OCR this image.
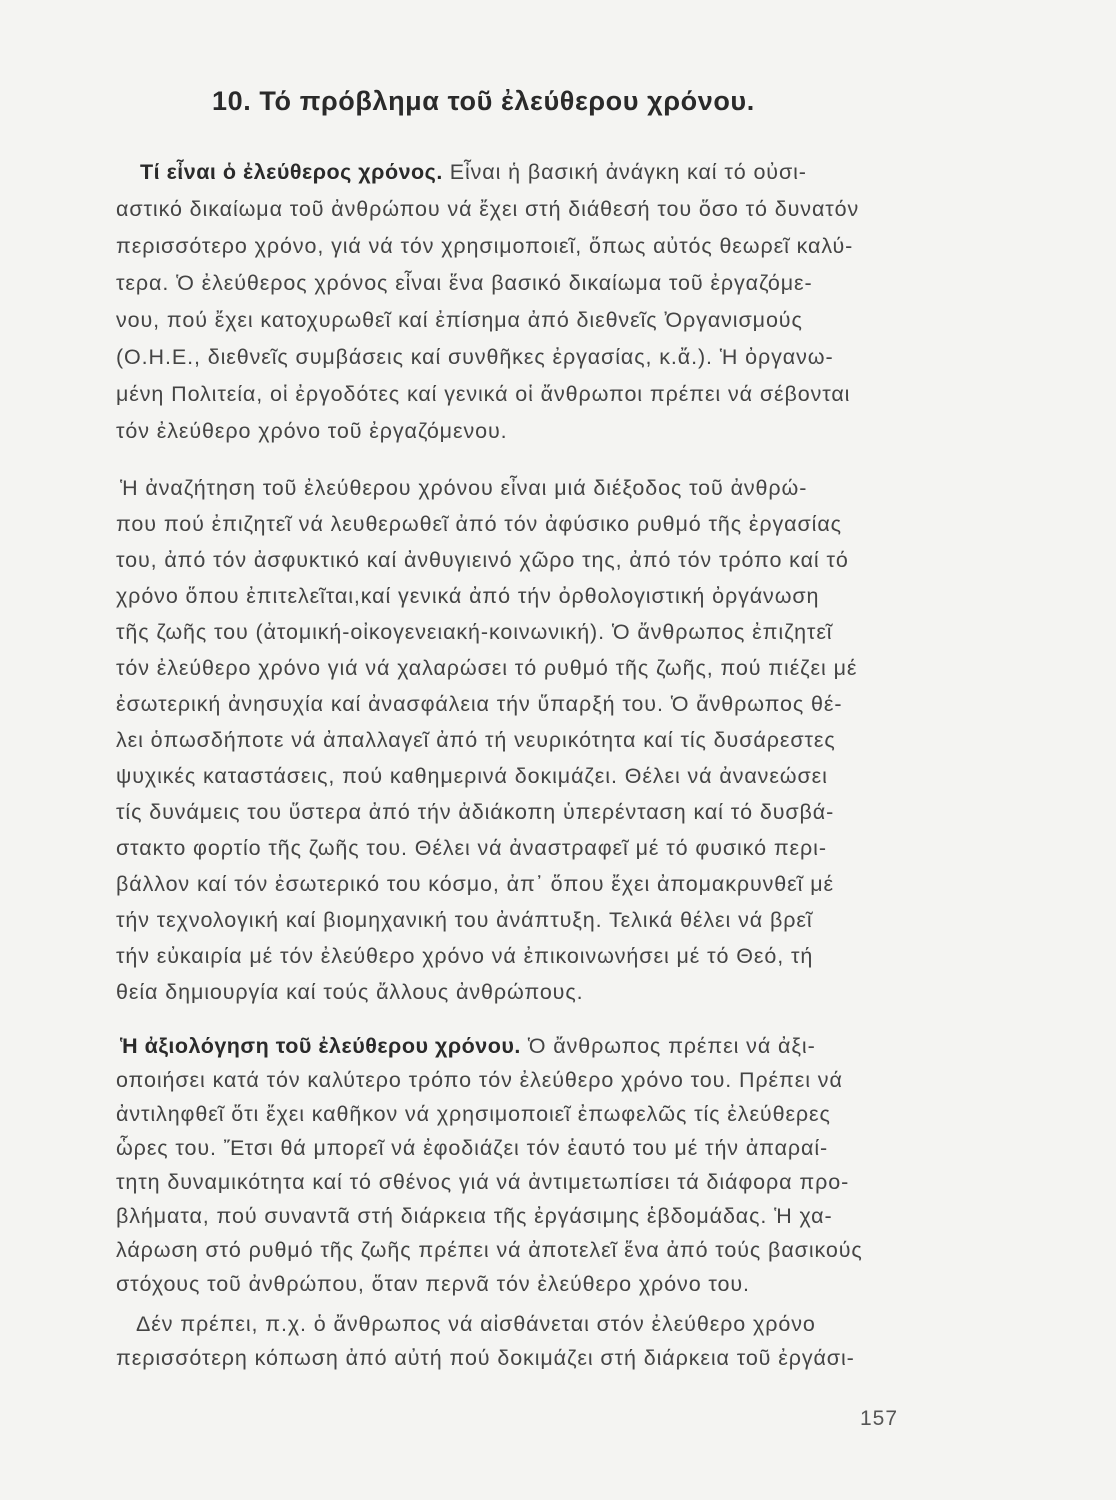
10. Τό πρόβλημα τοῦ ἐλεύθερου χρόνου.
Τί εἶναι ὁ ἐλεύθερος χρόνος. Εἶναι ἡ βασική ἀνάγκη καί τό οὐσι-
αστικό δικαίωμα τοῦ ἀνθρώπου νά ἔχει στή διάθεσή του ὅσο τό δυνατόν
περισσότερο χρόνο, γιά νά τόν χρησιμοποιεῖ, ὅπως αὐτός θεωρεῖ καλύ-
τερα. Ὁ ἐλεύθερος χρόνος εἶναι ἕνα βασικό δικαίωμα τοῦ ἐργαζόμε-
νου, πού ἔχει κατοχυρωθεῖ καί ἐπίσημα ἀπό διεθνεῖς Ὀργανισμούς
(Ο.Η.Ε., διεθνεῖς συμβάσεις καί συνθῆκες ἐργασίας, κ.ἄ.). Ἡ ὀργανω-
μένη Πολιτεία, οἱ ἐργοδότες καί γενικά οἱ ἄνθρωποι πρέπει νά σέβονται
τόν ἐλεύθερο χρόνο τοῦ ἐργαζόμενου.
Ἡ ἀναζήτηση τοῦ ἐλεύθερου χρόνου εἶναι μιά διέξοδος τοῦ ἀνθρώ-
που πού ἐπιζητεῖ νά λευθερωθεῖ ἀπό τόν ἀφύσικο ρυθμό τῆς ἐργασίας
του, ἀπό τόν ἀσφυκτικό καί ἀνθυγιεινό χῶρο της, ἀπό τόν τρόπο καί τό
χρόνο ὅπου ἐπιτελεῖται,καί γενικά ἀπό τήν ὀρθολογιστική ὀργάνωση
τῆς ζωῆς του (ἀτομική-οἰκογενειακή-κοινωνική). Ὁ ἄνθρωπος ἐπιζητεῖ
τόν ἐλεύθερο χρόνο γιά νά χαλαρώσει τό ρυθμό τῆς ζωῆς, πού πιέζει μέ
ἐσωτερική ἀνησυχία καί ἀνασφάλεια τήν ὕπαρξή του. Ὁ ἄνθρωπος θέ-
λει ὁπωσδήποτε νά ἀπαλλαγεῖ ἀπό τή νευρικότητα καί τίς δυσάρεστες
ψυχικές καταστάσεις, πού καθημερινά δοκιμάζει. Θέλει νά ἀνανεώσει
τίς δυνάμεις του ὕστερα ἀπό τήν ἀδιάκοπη ὑπερένταση καί τό δυσβά-
στακτο φορτίο τῆς ζωῆς του. Θέλει νά ἀναστραφεῖ μέ τό φυσικό περι-
βάλλον καί τόν ἐσωτερικό του κόσμο, ἀπ᾿ ὅπου ἔχει ἀπομακρυνθεῖ μέ
τήν τεχνολογική καί βιομηχανική του ἀνάπτυξη. Τελικά θέλει νά βρεῖ
τήν εὐκαιρία μέ τόν ἐλεύθερο χρόνο νά ἐπικοινωνήσει μέ τό Θεό, τή
θεία δημιουργία καί τούς ἄλλους ἀνθρώπους.
Ἡ ἀξιολόγηση τοῦ ἐλεύθερου χρόνου. Ὁ ἄνθρωπος πρέπει νά ἀξι-
οποιήσει κατά τόν καλύτερο τρόπο τόν ἐλεύθερο χρόνο του. Πρέπει νά
ἀντιληφθεῖ ὅτι ἔχει καθῆκον νά χρησιμοποιεῖ ἐπωφελῶς τίς ἐλεύθερες
ὧρες του. Ἔτσι θά μπορεῖ νά ἐφοδιάζει τόν ἑαυτό του μέ τήν ἀπαραί-
τητη δυναμικότητα καί τό σθένος γιά νά ἀντιμετωπίσει τά διάφορα προ-
βλήματα, πού συναντᾶ στή διάρκεια τῆς ἐργάσιμης ἑβδομάδας. Ἡ χα-
λάρωση στό ρυθμό τῆς ζωῆς πρέπει νά ἀποτελεῖ ἕνα ἀπό τούς βασικούς
στόχους τοῦ ἀνθρώπου, ὅταν περνᾶ τόν ἐλεύθερο χρόνο του.
Δέν πρέπει, π.χ. ὁ ἄνθρωπος νά αἰσθάνεται στόν ἐλεύθερο χρόνο
περισσότερη κόπωση ἀπό αὐτή πού δοκιμάζει στή διάρκεια τοῦ ἐργάσι-
157
